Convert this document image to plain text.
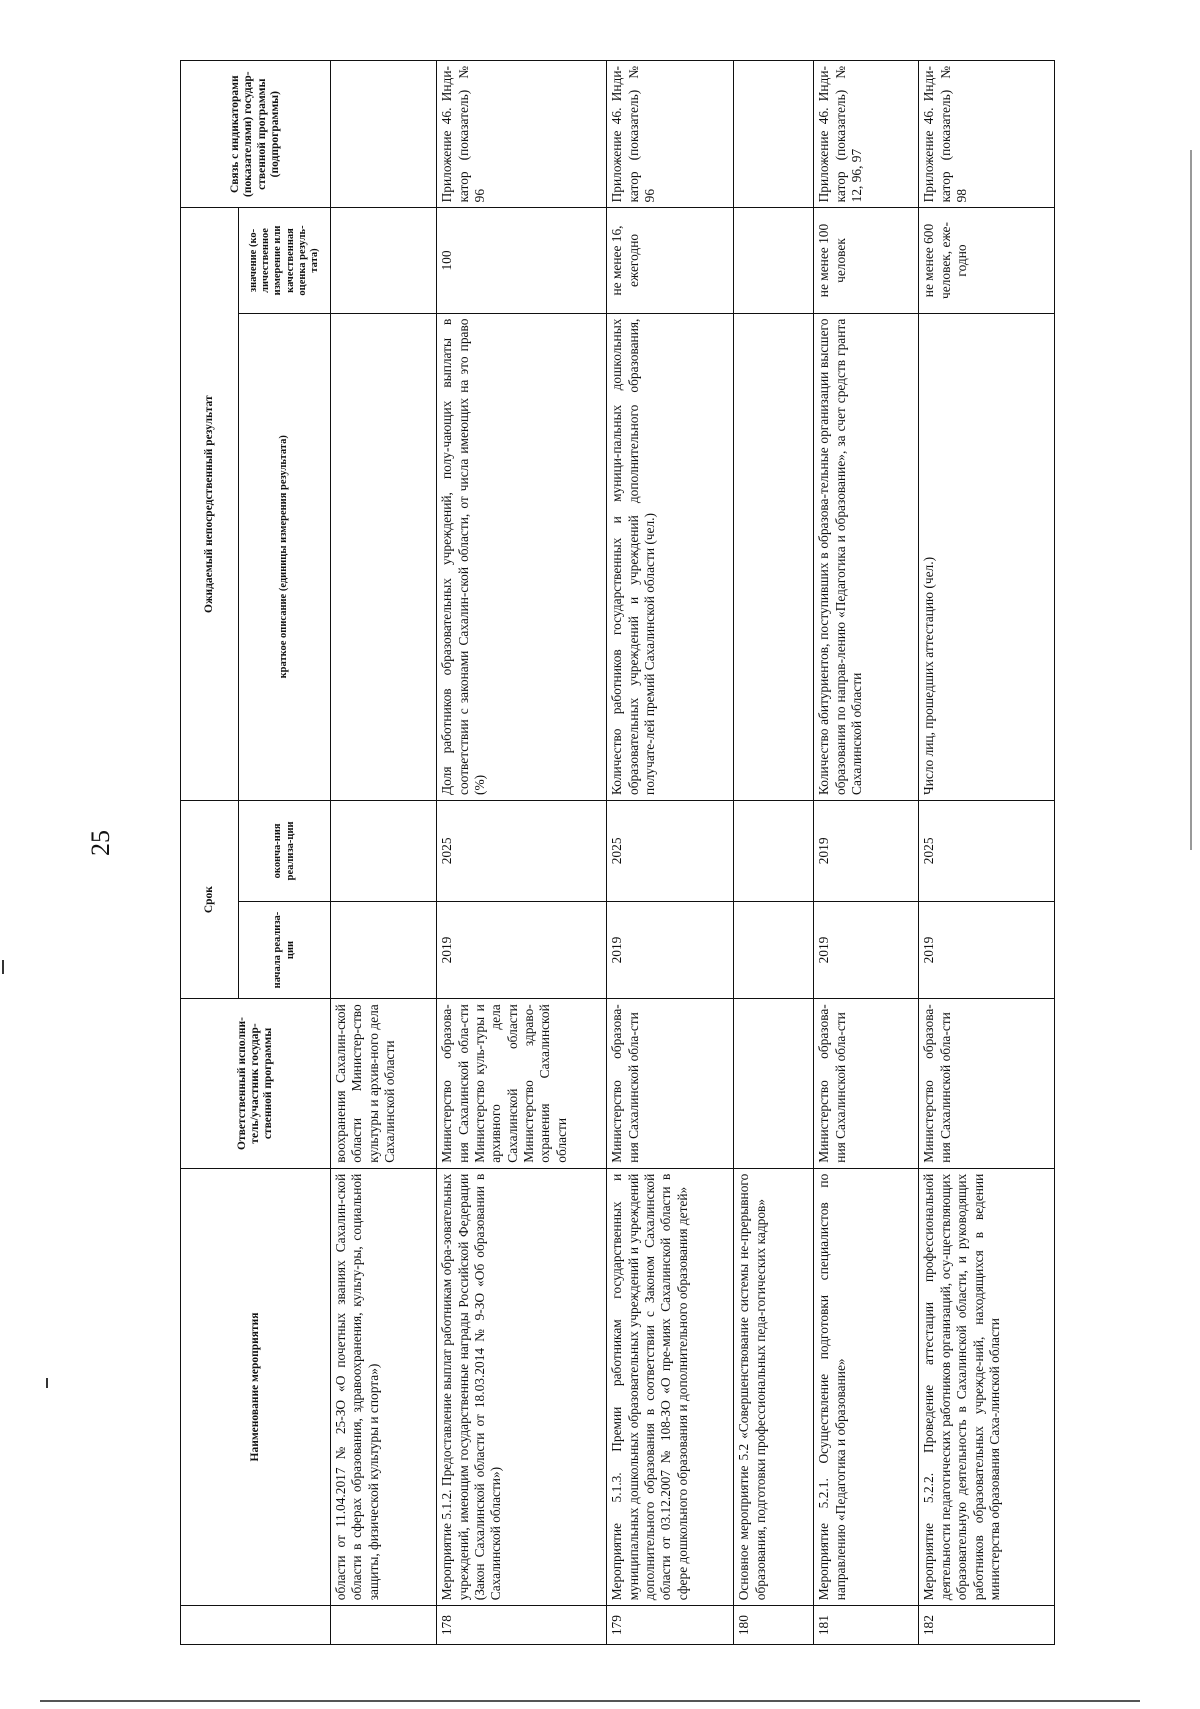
25
	Наименование мероприятия	Ответственный исполни-тель/участник государ-ственной программы	Срок		Ожидаемый непосредственный результат		Связь с индикаторами (показателями) государ-ственной программы (подпрограммы)
			начала реализа-ции	оконча-ния реализа-ции	краткое описание (единицы измерения результата)	значение (ко-личественное измерение или качественная оценка резуль-тата)	
	области от 11.04.2017 № 25-ЗО «О почетных званиях Сахалин-ской области в сферах образования, здравоохранения, культу-ры, социальной защиты, физической культуры и спорта»)	воохранения Сахалин-ской области Министер-ство культуры и архив-ного дела Сахалинской области					
178	Мероприятие 5.1.2. Предоставление выплат работникам обра-зовательных учреждений, имеющим государственные награды Российской Федерации (Закон Сахалинской области от 18.03.2014 № 9-ЗО «Об образовании в Сахалинской области»)	Министерство образова-ния Сахалинской обла-сти Министерство куль-туры и архивного дела Сахалинской области Министерство здраво-охранения Сахалинской области	2019	2025	Доля работников образовательных учреждений, полу-чающих выплаты в соответствии с законами Сахалин-ской области, от числа имеющих на это право (%)	100	Приложение 46. Инди-катор (показатель) № 96
179	Мероприятие 5.1.3. Премии работникам государственных и муниципальных дошкольных образовательных учреждений и учреждений дополнительного образования в соответствии с Законом Сахалинской области от 03.12.2007 № 108-ЗО «О пре-миях Сахалинской области в сфере дошкольного образования и дополнительного образования детей»	Министерство образова-ния Сахалинской обла-сти	2019	2025	Количество работников государственных и муници-пальных дошкольных образовательных учреждений и учреждений дополнительного образования, получате-лей премий Сахалинской области (чел.)	не менее 16, ежегодно	Приложение 46. Инди-катор (показатель) № 96
180	Основное мероприятие 5.2 «Совершенствование системы не-прерывного образования, подготовки профессиональных педа-гогических кадров»						
181	Мероприятие 5.2.1. Осуществление подготовки специалистов по направлению «Педагогика и образование»	Министерство образова-ния Сахалинской обла-сти	2019	2019	Количество абитуриентов, поступивших в образова-тельные организации высшего образования по направ-лению «Педагогика и образование», за счет средств гранта Сахалинской области	не менее 100 человек	Приложение 46. Инди-катор (показатель) № 12, 96, 97
182	Мероприятие 5.2.2. Проведение аттестации профессиональной деятельности педагогических работников организаций, осу-ществляющих образовательную деятельность в Сахалинской области, и руководящих работников образовательных учрежде-ний, находящихся в ведении министерства образования Саха-линской области	Министерство образова-ния Сахалинской обла-сти	2019	2025	Число лиц, прошедших аттестацию (чел.)	не менее 600 человек, еже-годно	Приложение 46. Инди-катор (показатель) № 98
